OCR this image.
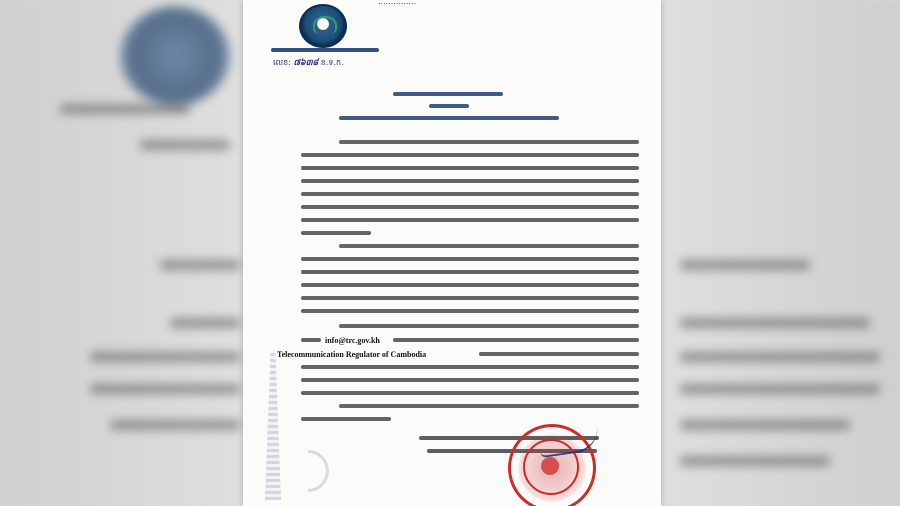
...............
លេខ: ៧៦៣៨ ន.ទ.ក.
info@trc.gov.kh
Telecommunication Regulator of Cambodia
